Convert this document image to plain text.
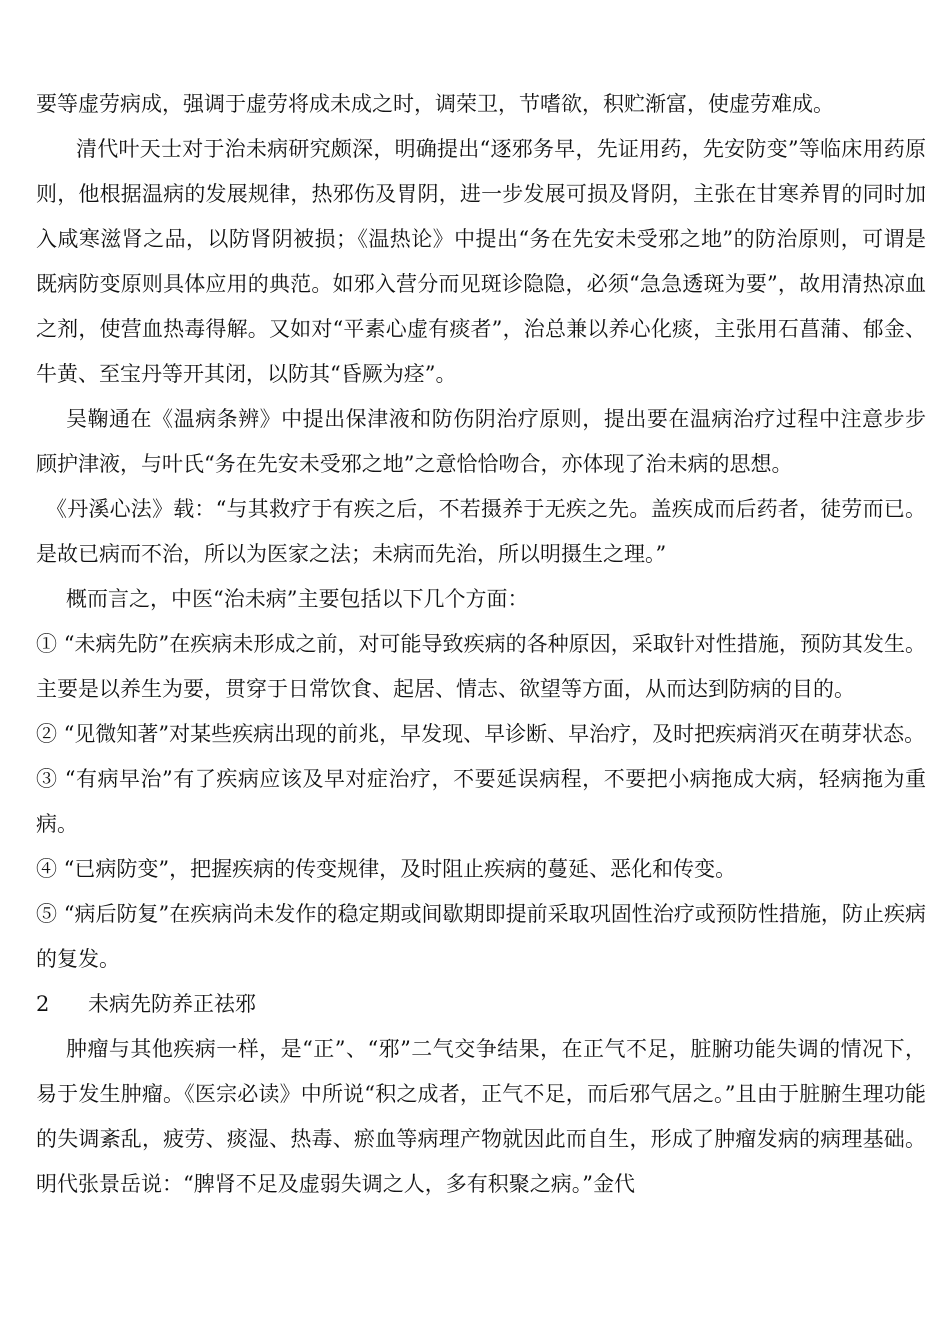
要等虚劳病成，强调于虚劳将成未成之时，调荣卫，节嗜欲，积贮渐富，使虚劳难成。

清代叶天士对于治未病研究颇深，明确提出“逐邪务早，先证用药，先安防变”等临床用药原则，他根据温病的发展规律，热邪伤及胃阴，进一步发展可损及肾阴，主张在甘寒养胃的同时加入咸寒滋肾之品，以防肾阴被损；《温热论》中提出“务在先安未受邪之地”的防治原则，可谓是既病防变原则具体应用的典范。如邪入营分而见斑诊隐隐，必须“急急透斑为要”，故用清热凉血之剂，使营血热毒得解。又如对“平素心虚有痰者”，治总兼以养心化痰，主张用石菖蒲、郁金、牛黄、至宝丹等开其闭，以防其“昏厥为痉”。

吴鞠通在《温病条辨》中提出保津液和防伤阴治疗原则，提出要在温病治疗过程中注意步步顾护津液，与叶氏“务在先安未受邪之地”之意恰恰吻合，亦体现了治未病的思想。

《丹溪心法》载：“与其救疗于有疾之后，不若摄养于无疾之先。盖疾成而后药者，徒劳而已。是故已病而不治，所以为医家之法；未病而先治，所以明摄生之理。”

概而言之，中医“治未病”主要包括以下几个方面：

① “未病先防”在疾病未形成之前，对可能导致疾病的各种原因，采取针对性措施，预防其发生。主要是以养生为要，贯穿于日常饮食、起居、情志、欲望等方面，从而达到防病的目的。

② “见微知著”对某些疾病出现的前兆，早发现、早诊断、早治疗，及时把疾病消灭在萌芽状态。

③ “有病早治”有了疾病应该及早对症治疗，不要延误病程，不要把小病拖成大病，轻病拖为重病。

④ “已病防变”，把握疾病的传变规律，及时阻止疾病的蔓延、恶化和传变。

⑤ “病后防复”在疾病尚未发作的稳定期或间歇期即提前采取巩固性治疗或预防性措施，防止疾病的复发。

2 未病先防养正祛邪

肿瘤与其他疾病一样，是“正”、“邪”二气交争结果，在正气不足，脏腑功能失调的情况下，易于发生肿瘤。《医宗必读》中所说“积之成者，正气不足，而后邪气居之。”且由于脏腑生理功能的失调紊乱，疲劳、痰湿、热毒、瘀血等病理产物就因此而自生，形成了肿瘤发病的病理基础。明代张景岳说：“脾肾不足及虚弱失调之人，多有积聚之病。”金代
